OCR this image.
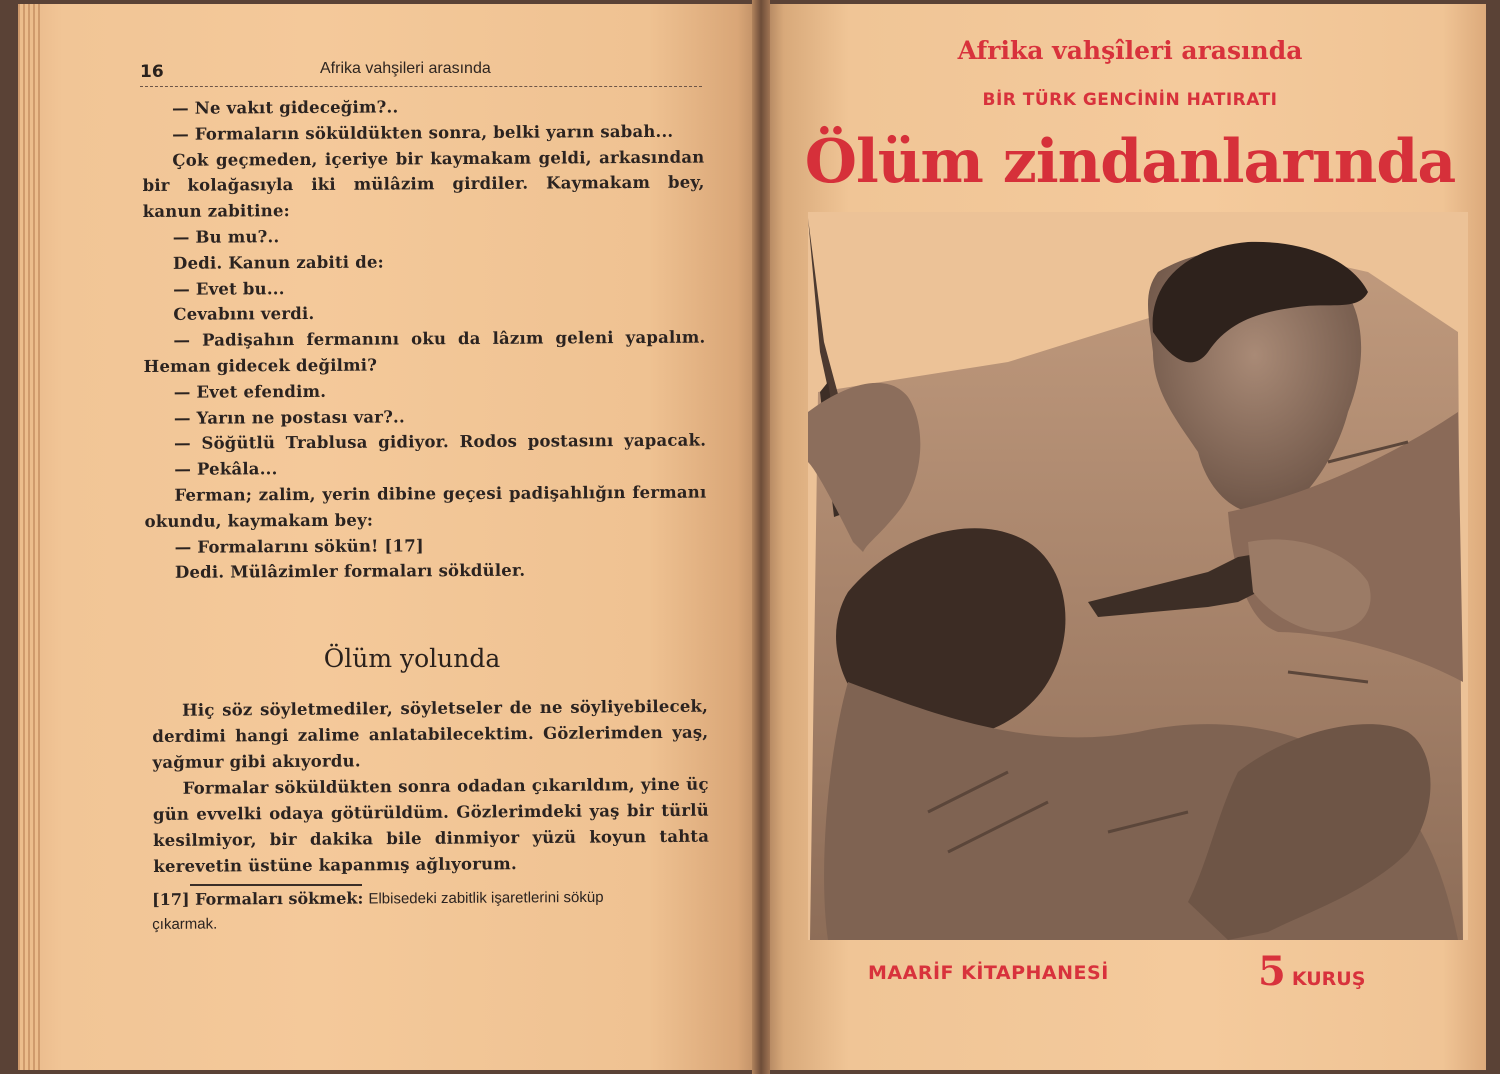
16	Afrika vahşileri arasında

— Ne vakıt gideceğim?..

— Formaların söküldükten sonra, belki yarın sabah...

Çok geçmeden, içeriye bir kaymakam geldi, arkasından

bir kolağasıyla iki mülâzim girdiler. Kaymakam bey,

kanun zabitine:

— Bu mu?..

Dedi. Kanun zabiti de:

— Evet bu...

Cevabını verdi.

— Padişahın fermanını oku da lâzım geleni yapalım.

Heman gidecek değilmi?

— Evet efendim.

— Yarın ne postası var?..

— Söğütlü Trablusa gidiyor. Rodos postasını yapacak.

— Pekâla...

Ferman; zalim, yerin dibine geçesi padişahlığın fermanı

okundu, kaymakam bey:

— Formalarını sökün! [17]

Dedi. Mülâzimler formaları sökdüler.

Ölüm yolunda

Hiç söz söyletmediler, söyletseler de ne söyliyebilecek,

derdimi hangi zalime anlatabilecektim. Gözlerimden yaş,

yağmur gibi akıyordu.

Formalar söküldükten sonra odadan çıkarıldım, yine üç

gün evvelki odaya götürüldüm. Gözlerimdeki yaş bir türlü

kesilmiyor, bir dakika bile dinmiyor yüzü koyun tahta

kerevetin üstüne kapanmış ağlıyorum.

[17] Formaları sökmek: Elbisedeki zabitlik işaretlerini söküp
çıkarmak.
Afrika vahşîleri arasında
BİR TÜRK GENCİNİN HATIRATI
Ölüm zindanlarında
MAARİF KİTAPHANESİ	5 KURUŞ
